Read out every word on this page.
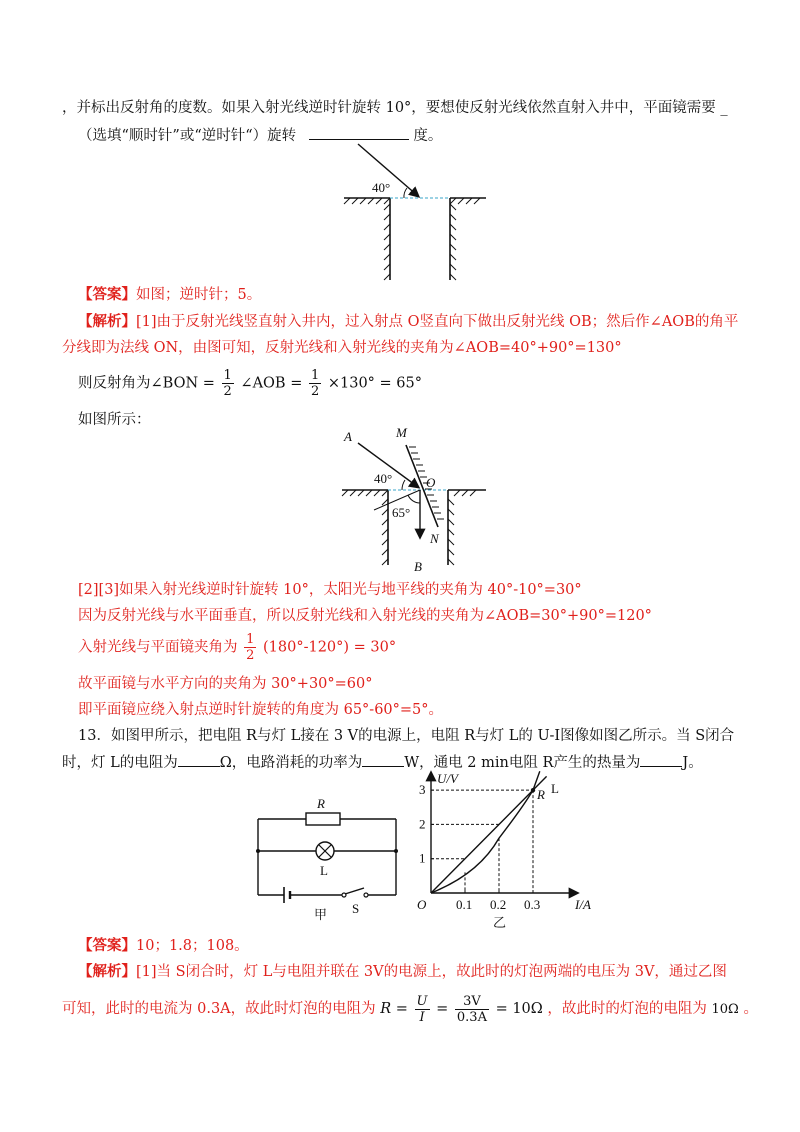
，并标出反射角的度数。如果入射光线逆时针旋转 10°，要想使反射光线依然直射入井中，平面镜需要 _
（选填“顺时针”或“逆时针“）旋转	度。
40°
【答案】如图；逆时针；5。
【解析】[1]由于反射光线竖直射入井内，过入射点 O竖直向下做出反射光线 OB；然后作∠AOB的角平
分线即为法线 ON，由图可知，反射光线和入射光线的夹角为∠AOB=40°+90°=130°
则反射角为∠BON = $\frac{1}{2}$ ∠AOB = $\frac{1}{2} \times 130^\circ = 65^\circ$
如图所示：
A	M
O
N
B
40°
65°
[2][3]如果入射光线逆时针旋转 10°，太阳光与地平线的夹角为 40°-10°=30°
因为反射光线与水平面垂直，所以反射光线和入射光线的夹角为∠AOB=30°+90°=120°
入射光线与平面镜夹角为 $\frac{1}{2} (180^\circ-120^\circ) = 30^\circ$
故平面镜与水平方向的夹角为 30°+30°=60°
即平面镜应绕入射点逆时针旋转的角度为 65°-60°=5°。
13．如图甲所示，把电阻 R与灯 L接在 3 V的电源上，电阻 R与灯 L的 U-I图像如图乙所示。当 S闭合
时，灯 L的电阻为	Ω，电路消耗的功率为	W，通电 2 min电阻 R产生的热量为	J。
R
L
S
甲
1
2
3
0.1 0.2 0.3
U/V
I/A
O
L
R
乙
【答案】10；1.8；108。
【解析】[1]当 S闭合时，灯 L与电阻并联在 3V的电源上，故此时的灯泡两端的电压为 3V，通过乙图
可知，此时的电流为 0.3A，故此时灯泡的电阻为 $R = \frac{U}{I} = \frac{3V}{0.3A} = 10\Omega$ ，故此时的灯泡的电阻为 10Ω 。
